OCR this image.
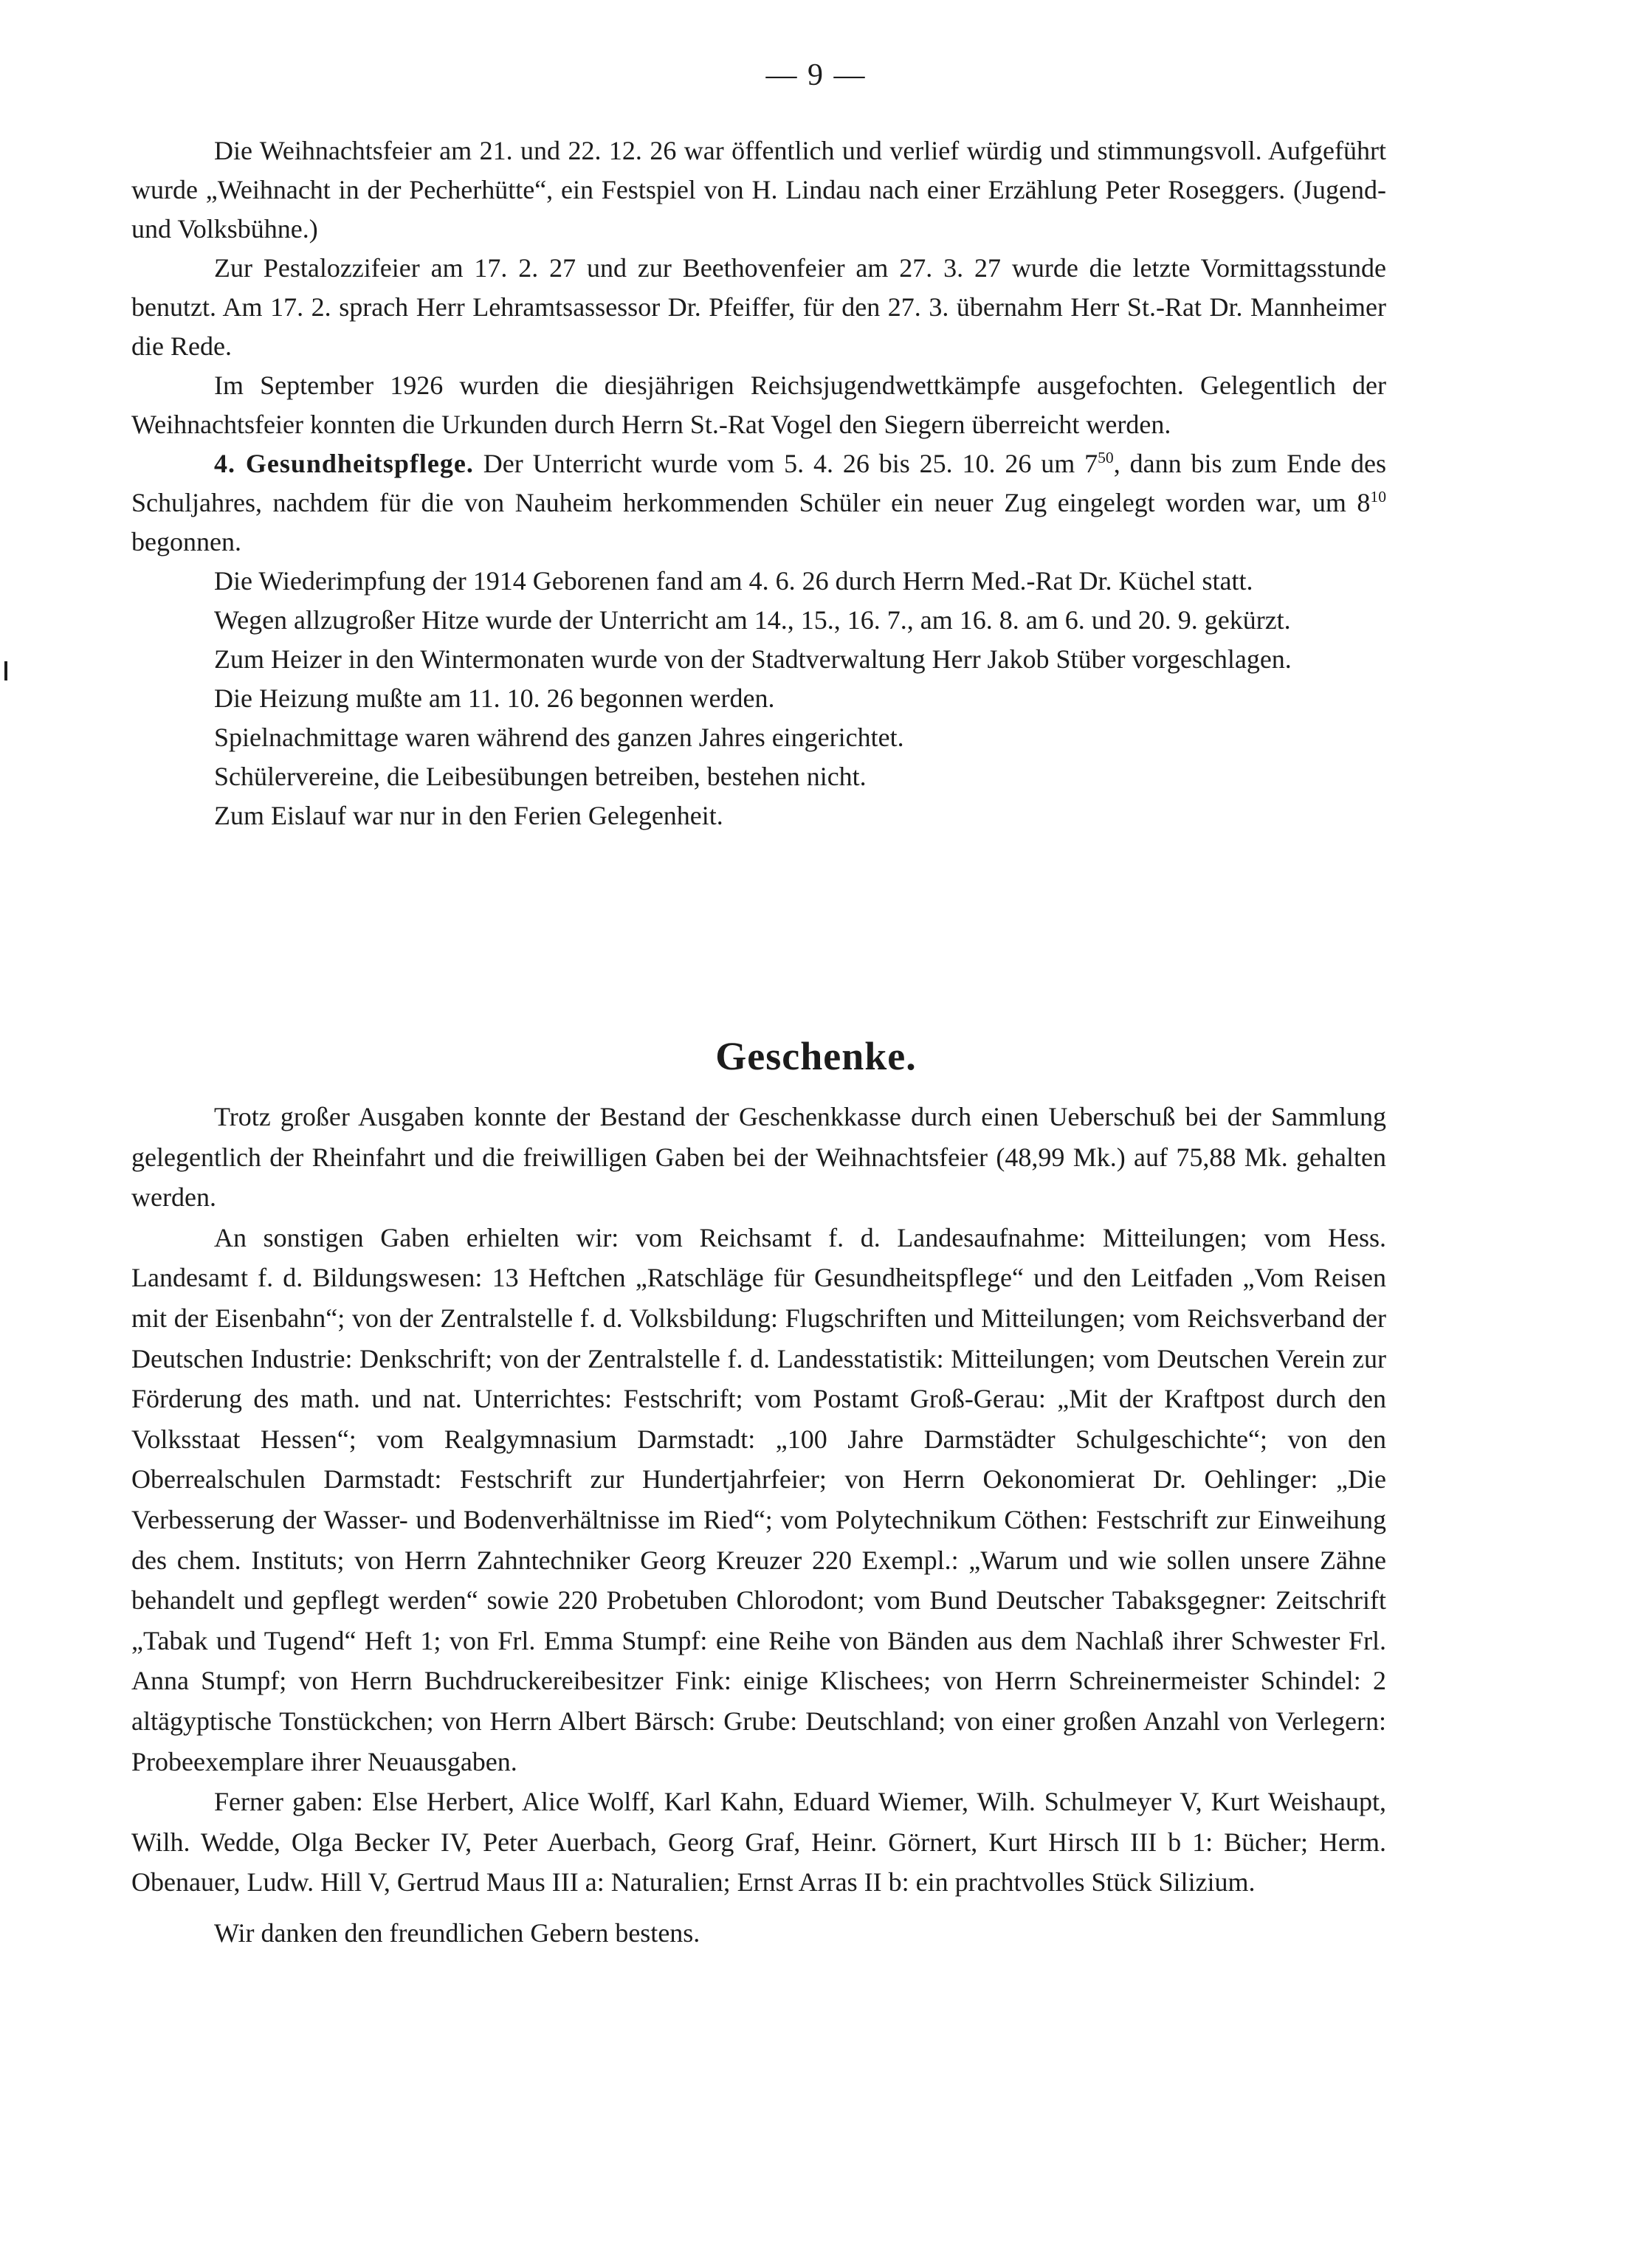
— 9 —

Die Weihnachtsfeier am 21. und 22. 12. 26 war öffentlich und verlief würdig und stimmungsvoll. Aufgeführt wurde „Weihnacht in der Pecherhütte“, ein Festspiel von H. Lindau nach einer Erzählung Peter Roseggers. (Jugend- und Volksbühne.)

Zur Pestalozzifeier am 17. 2. 27 und zur Beethovenfeier am 27. 3. 27 wurde die letzte Vormittagsstunde benutzt. Am 17. 2. sprach Herr Lehramtsassessor Dr. Pfeiffer, für den 27. 3. übernahm Herr St.-Rat Dr. Mannheimer die Rede.

Im September 1926 wurden die diesjährigen Reichsjugendwettkämpfe ausgefochten. Gelegentlich der Weihnachtsfeier konnten die Urkunden durch Herrn St.-Rat Vogel den Siegern überreicht werden.

4. Gesundheitspflege. Der Unterricht wurde vom 5. 4. 26 bis 25. 10. 26 um $7^{50}$, dann bis zum Ende des Schuljahres, nachdem für die von Nauheim herkommenden Schüler ein neuer Zug eingelegt worden war, um $8^{10}$ begonnen.

Die Wiederimpfung der 1914 Geborenen fand am 4. 6. 26 durch Herrn Med.-Rat Dr. Küchel statt.

Wegen allzugroßer Hitze wurde der Unterricht am 14., 15., 16. 7., am 16. 8. am 6. und 20. 9. gekürzt.

Zum Heizer in den Wintermonaten wurde von der Stadtverwaltung Herr Jakob Stüber vorgeschlagen.

Die Heizung mußte am 11. 10. 26 begonnen werden.

Spielnachmittage waren während des ganzen Jahres eingerichtet.

Schülervereine, die Leibesübungen betreiben, bestehen nicht.

Zum Eislauf war nur in den Ferien Gelegenheit.

Geschenke.

Trotz großer Ausgaben konnte der Bestand der Geschenkkasse durch einen Ueberschuß bei der Sammlung gelegentlich der Rheinfahrt und die freiwilligen Gaben bei der Weihnachtsfeier (48,99 Mk.) auf 75,88 Mk. gehalten werden.

An sonstigen Gaben erhielten wir: vom Reichsamt f. d. Landesaufnahme: Mitteilungen; vom Hess. Landesamt f. d. Bildungswesen: 13 Heftchen „Ratschläge für Gesundheitspflege“ und den Leitfaden „Vom Reisen mit der Eisenbahn“; von der Zentralstelle f. d. Volksbildung: Flugschriften und Mitteilungen; vom Reichsverband der Deutschen Industrie: Denkschrift; von der Zentralstelle f. d. Landesstatistik: Mitteilungen; vom Deutschen Verein zur Förderung des math. und nat. Unterrichtes: Festschrift; vom Postamt Groß-Gerau: „Mit der Kraftpost durch den Volksstaat Hessen“; vom Realgymnasium Darmstadt: „100 Jahre Darmstädter Schulgeschichte“; von den Oberrealschulen Darmstadt: Festschrift zur Hundertjahrfeier; von Herrn Oekonomierat Dr. Oehlinger: „Die Verbesserung der Wasser- und Bodenverhältnisse im Ried“; vom Polytechnikum Cöthen: Festschrift zur Einweihung des chem. Instituts; von Herrn Zahntechniker Georg Kreuzer 220 Exempl.: „Warum und wie sollen unsere Zähne behandelt und gepflegt werden“ sowie 220 Probetuben Chlorodont; vom Bund Deutscher Tabaksgegner: Zeitschrift „Tabak und Tugend“ Heft 1; von Frl. Emma Stumpf: eine Reihe von Bänden aus dem Nachlaß ihrer Schwester Frl. Anna Stumpf; von Herrn Buchdruckereibesitzer Fink: einige Klischees; von Herrn Schreinermeister Schindel: 2 altägyptische Tonstückchen; von Herrn Albert Bärsch: Grube: Deutschland; von einer großen Anzahl von Verlegern: Probeexemplare ihrer Neuausgaben.

Ferner gaben: Else Herbert, Alice Wolff, Karl Kahn, Eduard Wiemer, Wilh. Schulmeyer V, Kurt Weishaupt, Wilh. Wedde, Olga Becker IV, Peter Auerbach, Georg Graf, Heinr. Görnert, Kurt Hirsch III b 1: Bücher; Herm. Obenauer, Ludw. Hill V, Gertrud Maus III a: Naturalien; Ernst Arras II b: ein prachtvolles Stück Silizium.

Wir danken den freundlichen Gebern bestens.
